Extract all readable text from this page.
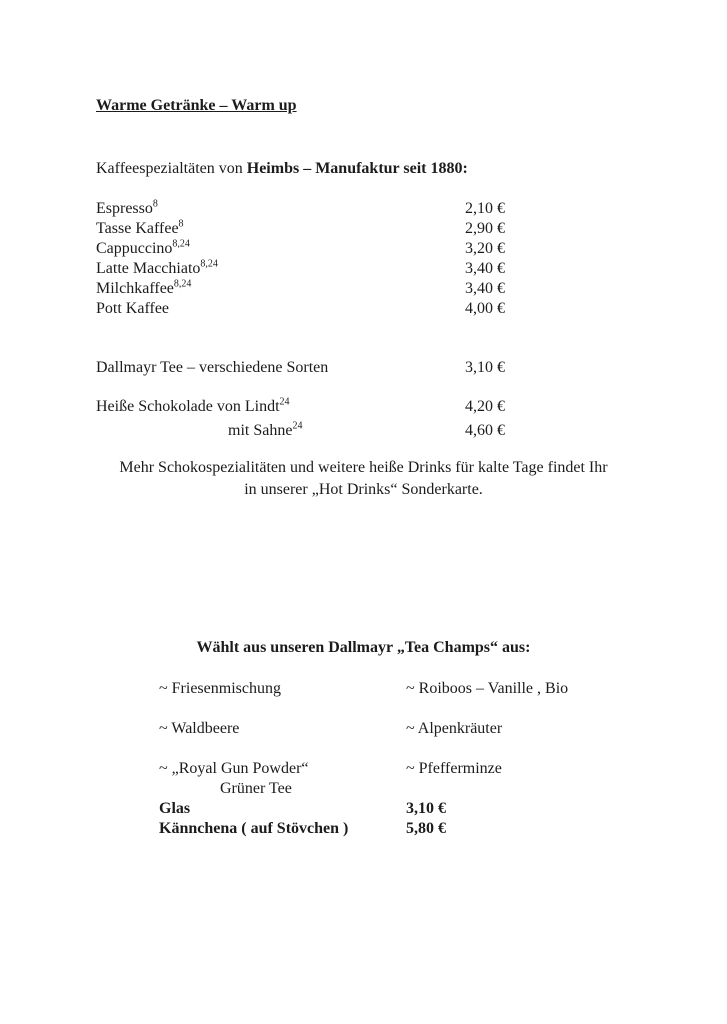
Warme Getränke – Warm up
Kaffeespezialtäten von Heimbs – Manufaktur seit 1880:
Espresso$^8$	2,10 €
Tasse Kaffee$^8$	2,90 €
Cappuccino$^{8,24}$	3,20 €
Latte Macchiato$^{8,24}$	3,40 €
Milchkaffee$^{8,24}$	3,40 €
Pott Kaffee	4,00 €
Dallmayr Tee – verschiedene Sorten	3,10 €
Heiße Schokolade von Lindt$^{24}$	4,20 €
mit Sahne$^{24}$	4,60 €
Mehr Schokospezialitäten und weitere heiße Drinks für kalte Tage findet Ihr
in unserer „Hot Drinks“ Sonderkarte.
Wählt aus unseren Dallmayr „Tea Champs“ aus:
~ Friesenmischung	~ Roiboos – Vanille , Bio
~ Waldbeere	~ Alpenkräuter
~ „Royal Gun Powder“	~ Pfefferminze
Grüner Tee
Glas	3,10 €
Kännchena ( auf Stövchen )	5,80 €
